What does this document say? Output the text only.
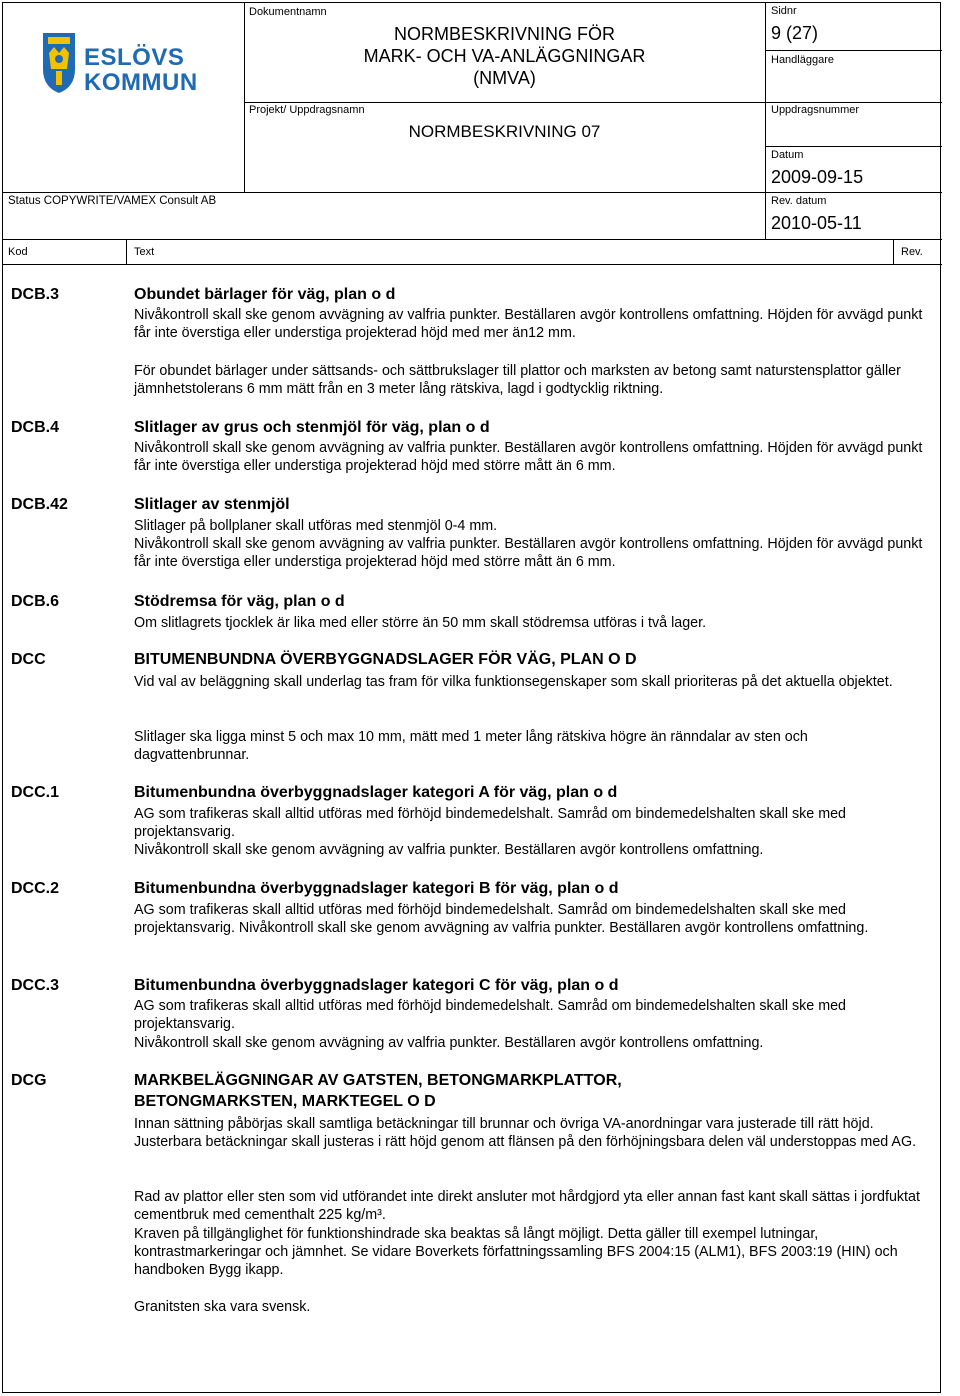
ESLÖVS
KOMMUN
Dokumentnamn
NORMBESKRIVNING FÖR
MARK- OCH VA-ANLÄGGNINGAR
(NMVA)
Projekt/ Uppdragsnamn
NORMBESKRIVNING 07
Status COPYWRITE/VAMEX Consult AB
Sidnr
9 (27)
Handläggare
Uppdragsnummer
Datum
2009-09-15
Rev. datum
2010-05-11
Kod	Text	Rev.
DCB.3	Obundet bärlager för väg, plan o d
Nivåkontroll skall ske genom avvägning av valfria punkter. Beställaren avgör kontrollens omfattning. Höjden för avvägd punkt får inte överstiga eller understiga projekterad höjd med mer än12 mm.
För obundet bärlager under sättsands- och sättbrukslager till plattor och marksten av betong samt naturstensplattor gäller jämnhetstolerans 6 mm mätt från en 3 meter lång rätskiva, lagd i godtycklig riktning.
DCB.4	Slitlager av grus och stenmjöl för väg, plan o d
Nivåkontroll skall ske genom avvägning av valfria punkter. Beställaren avgör kontrollens omfattning. Höjden för avvägd punkt får inte överstiga eller understiga projekterad höjd med större mått än 6 mm.
DCB.42	Slitlager av stenmjöl
Slitlager på bollplaner skall utföras med stenmjöl 0-4 mm.
Nivåkontroll skall ske genom avvägning av valfria punkter. Beställaren avgör kontrollens omfattning. Höjden för avvägd punkt får inte överstiga eller understiga projekterad höjd med större mått än 6 mm.
DCB.6	Stödremsa för väg, plan o d
Om slitlagrets tjocklek är lika med eller större än 50 mm skall stödremsa utföras i två lager.
DCC	BITUMENBUNDNA ÖVERBYGGNADSLAGER FÖR VÄG, PLAN O D
Vid val av beläggning skall underlag tas fram för vilka funktionsegenskaper som skall prioriteras på det aktuella objektet.
Slitlager ska ligga minst 5 och max 10 mm, mätt med 1 meter lång rätskiva högre än ränndalar av sten och dagvattenbrunnar.
DCC.1	Bitumenbundna överbyggnadslager kategori A för väg, plan o d
AG som trafikeras skall alltid utföras med förhöjd bindemedelshalt. Samråd om bindemedelshalten skall ske med projektansvarig.
Nivåkontroll skall ske genom avvägning av valfria punkter. Beställaren avgör kontrollens omfattning.
DCC.2	Bitumenbundna överbyggnadslager kategori B för väg, plan o d
AG som trafikeras skall alltid utföras med förhöjd bindemedelshalt. Samråd om bindemedelshalten skall ske med projektansvarig. Nivåkontroll skall ske genom avvägning av valfria punkter. Beställaren avgör kontrollens omfattning.
DCC.3	Bitumenbundna överbyggnadslager kategori C för väg, plan o d
AG som trafikeras skall alltid utföras med förhöjd bindemedelshalt. Samråd om bindemedelshalten skall ske med projektansvarig.
Nivåkontroll skall ske genom avvägning av valfria punkter. Beställaren avgör kontrollens omfattning.
DCG	MARKBELÄGGNINGAR AV GATSTEN, BETONGMARKPLATTOR,
BETONGMARKSTEN, MARKTEGEL O D
Innan sättning påbörjas skall samtliga betäckningar till brunnar och övriga VA-anordningar vara justerade till rätt höjd. Justerbara betäckningar skall justeras i rätt höjd genom att flänsen på den förhöjningsbara delen väl understoppas med AG.
Rad av plattor eller sten som vid utförandet inte direkt ansluter mot hårdgjord yta eller annan fast kant skall sättas i jordfuktat cementbruk med cementhalt 225 kg/m³.
Kraven på tillgänglighet för funktionshindrade ska beaktas så långt möjligt. Detta gäller till exempel lutningar, kontrastmarkeringar och jämnhet. Se vidare Boverkets författningssamling BFS 2004:15 (ALM1), BFS 2003:19 (HIN) och handboken Bygg ikapp.
Granitsten ska vara svensk.
